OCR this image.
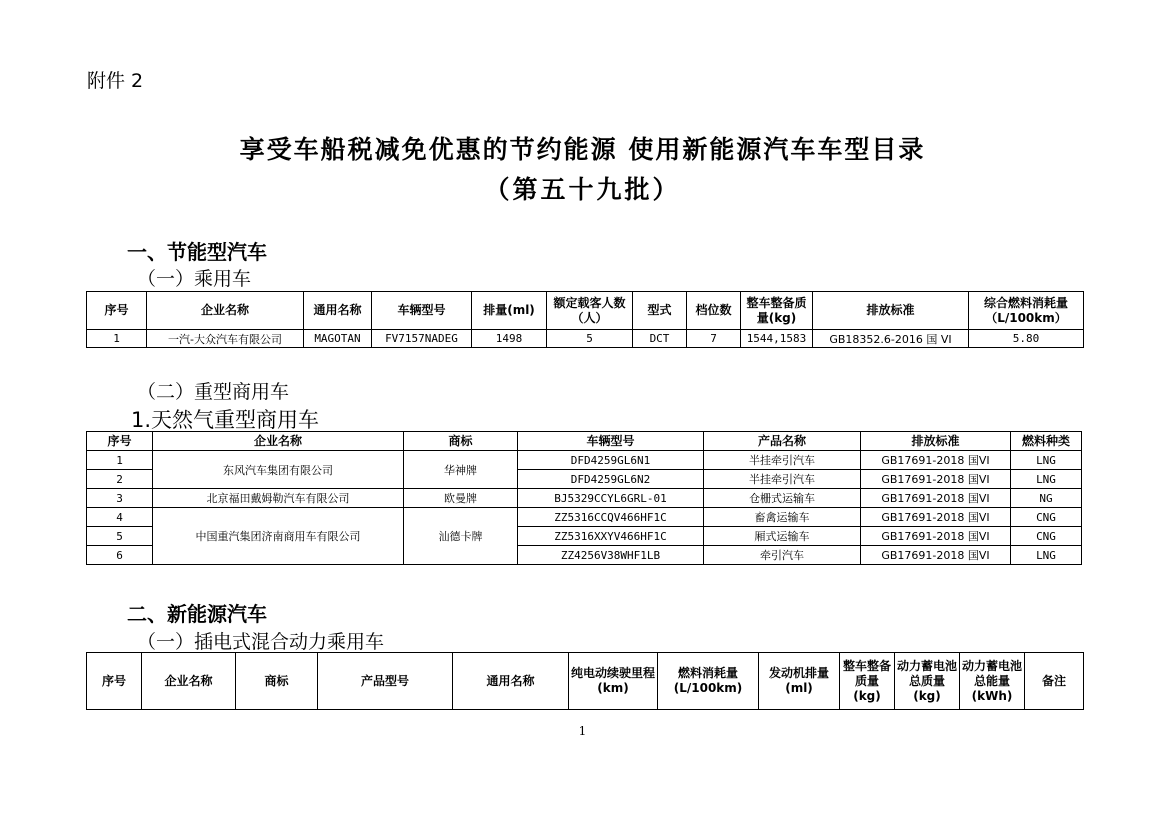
附件 2
享受车船税减免优惠的节约能源 使用新能源汽车车型目录
（第五十九批）
一、节能型汽车
（一）乘用车
序号	企业名称	通用名称	车辆型号	排量(ml)	额定载客人数（人）	型式	档位数	整车整备质量(kg)	排放标准	综合燃料消耗量（L/100km）
1	一汽-大众汽车有限公司	MAGOTAN	FV7157NADEG	1498	5	DCT	7	1544,1583	GB18352.6-2016 国 VI	5.80
（二）重型商用车
1.天然气重型商用车
序号	企业名称	商标	车辆型号	产品名称	排放标准	燃料种类
1	东风汽车集团有限公司	华神牌	DFD4259GL6N1	半挂牵引汽车	GB17691-2018 国VI	LNG
2			DFD4259GL6N2	半挂牵引汽车	GB17691-2018 国VI	LNG
3	北京福田戴姆勒汽车有限公司	欧曼牌	BJ5329CCYL6GRL-01	仓栅式运输车	GB17691-2018 国VI	NG
4	中国重汽集团济南商用车有限公司	汕德卡牌	ZZ5316CCQV466HF1C	畜禽运输车	GB17691-2018 国VI	CNG
5			ZZ5316XXYV466HF1C	厢式运输车	GB17691-2018 国VI	CNG
6			ZZ4256V38WHF1LB	牵引汽车	GB17691-2018 国VI	LNG
二、新能源汽车
（一）插电式混合动力乘用车
序号	企业名称	商标	产品型号	通用名称	纯电动续驶里程(km)	燃料消耗量(L/100km)	发动机排量(ml)	整车整备质量(kg)	动力蓄电池总质量(kg)	动力蓄电池总能量(kWh)	备注
1
